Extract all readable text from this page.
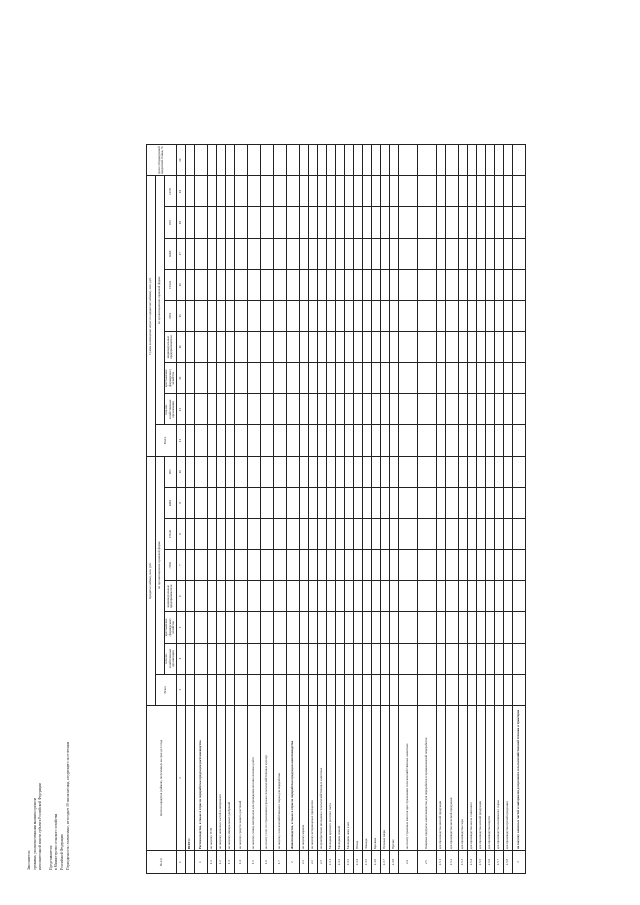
Заполняется: органами, уполномоченными высшим органом исполнительной власти субъекта Российской Федерации	Представляется: в Министерство сельского хозяйства Российской Федерации Периодичность: ежемесячно, не позднее 10 числа месяца, следующего за отчетным	№ п/п	Цели на кредитов (займов), полученных на срок до 1 года	Кредиты (займы), млн. руб.								Сумма возмещения затрат по кредитам (займам), млн. руб.									Доля субсидируемой кредитной ставки, %
		Всего	по организационно-правовой форме							Всего	по организационно-правовой форме								
			сельско-хозяйственные организации	крестьянские (фермерские) хозяйства	индивидуальные предприниматели	ЛПХ	СПоК	КФХ	ИП		сельско-хозяйственные организации	крестьянские (фермерские) хозяйства	индивидуальные предприниматели	ЛПХ	СПоК	КФХ	ИП	ОЭП	
1	2	3	4	5	6	7	8	9	10	11	12	13	14	15	16	17	18	19	20
	ВСЕГО																		
1	Растениеводство, в также в отрасли переработки продукции растениеводства																		
1.1	на закупку ГСМ																		
1.2	на закупку запасных частей и материалов																		
1.3	на закупку минеральных удобрений																		
1.4	на закупку средств защиты растений																		
1.5	на закупку семян, материалов для проведения весенне-полевых работ																		
1.6	на оплату услуг по страхованию урожая сельскохозяйственных культур																		
1.7	на закупку сельскохозяйственного сырья для переработки																		
2	Животноводство, в также в отрасли переработки продукции животноводства																		
2.1	на закупку кормов																		
2.2	на закупку ветеринарных препаратов																		
2.3	на приобретение молодняка сельскохозяйственных животных																		
2.3.1	Молодняк крупного рогатого скота																		
2.3.2	Молодняк свиней																		
2.3.3	Молодняк овец и коз																		
2.3.4	Птица																		
2.3.5	Лошади																		
2.3.6	Кролики																		
2.3.7	Пушные звери																		
2.3.8	Прочие																		
2.4	на оплату страховых взносов при страховании сельскохозяйственных животных																		
2.5	Пищевые продукты животноводства для переработки и промышленной переработки																		
2.5.1	для производства мясной продукции																		
2.5.2	для производства молочной продукции																		
2.5.3	для производства сыра																		
2.5.4	для производства масла сливочного																		
2.5.5	для производства яичной продукции																		
2.5.6	для производства шерсти																		
2.5.7	для производства кожевенного сырья																		
2.5.8	для производства прочей продукции																		
3	на закупку запасных частей и материалов для ремонта сельскохозяйственной техники и тракторов																		
